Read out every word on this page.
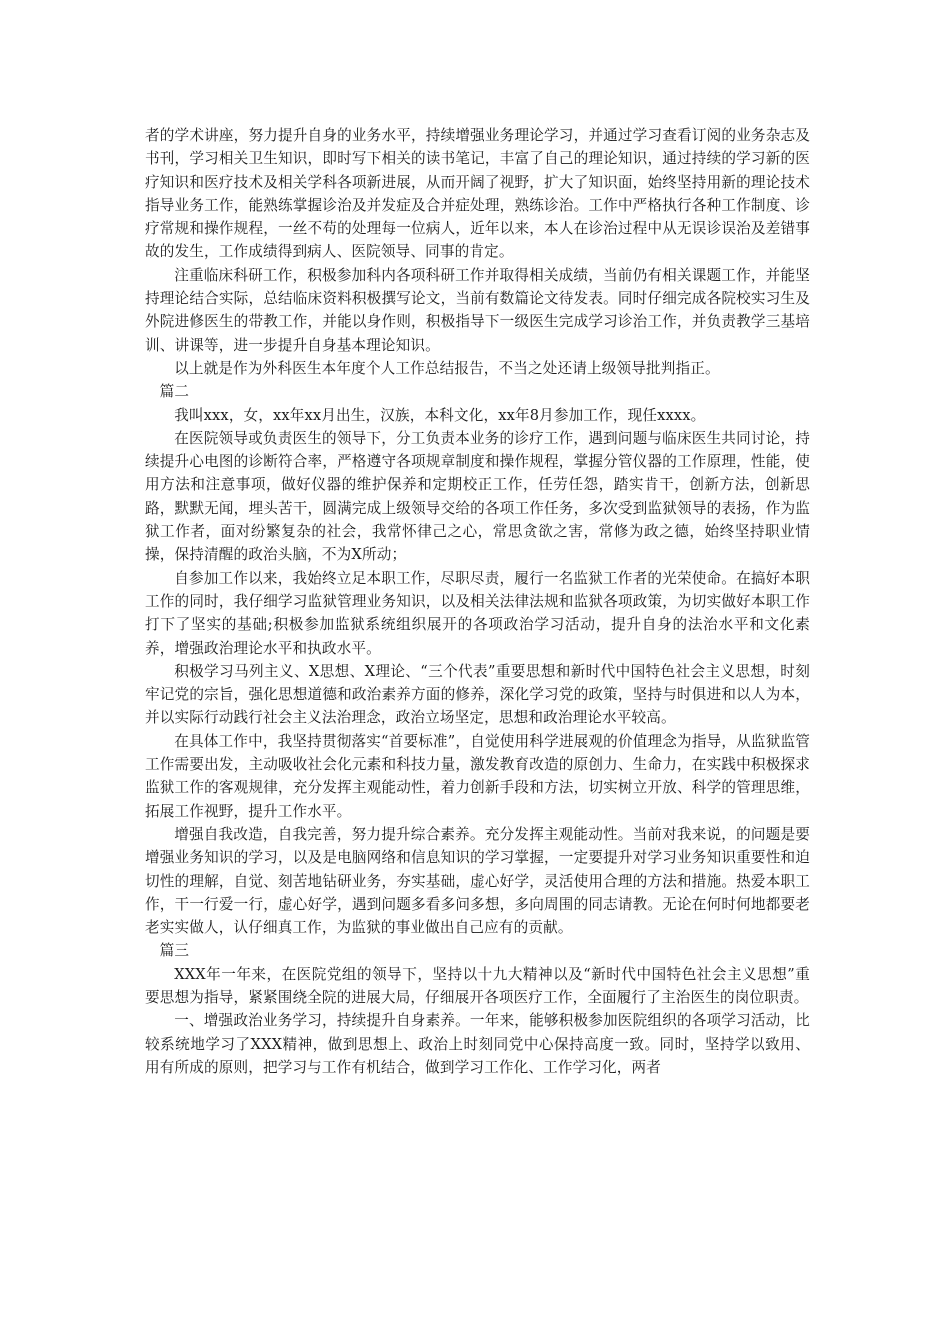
者的学术讲座，努力提升自身的业务水平，持续增强业务理论学习，并通过学习查看订阅的业务杂志及书刊，学习相关卫生知识，即时写下相关的读书笔记，丰富了自己的理论知识，通过持续的学习新的医疗知识和医疗技术及相关学科各项新进展，从而开阔了视野，扩大了知识面，始终坚持用新的理论技术指导业务工作，能熟练掌握诊治及并发症及合并症处理，熟练诊治。工作中严格执行各种工作制度、诊疗常规和操作规程，一丝不苟的处理每一位病人，近年以来，本人在诊治过程中从无误诊误治及差错事故的发生，工作成绩得到病人、医院领导、同事的肯定。

注重临床科研工作，积极参加科内各项科研工作并取得相关成绩，当前仍有相关课题工作，并能坚持理论结合实际，总结临床资料积极撰写论文，当前有数篇论文待发表。同时仔细完成各院校实习生及外院进修医生的带教工作，并能以身作则，积极指导下一级医生完成学习诊治工作，并负责教学三基培训、讲课等，进一步提升自身基本理论知识。

以上就是作为外科医生本年度个人工作总结报告，不当之处还请上级领导批判指正。

篇二

我叫xxx，女，xx年xx月出生，汉族，本科文化，xx年8月参加工作，现任xxxx。

在医院领导或负责医生的领导下，分工负责本业务的诊疗工作，遇到问题与临床医生共同讨论，持续提升心电图的诊断符合率，严格遵守各项规章制度和操作规程，掌握分管仪器的工作原理，性能，使用方法和注意事项，做好仪器的维护保养和定期校正工作，任劳任怨，踏实肯干，创新方法，创新思路，默默无闻，埋头苦干，圆满完成上级领导交给的各项工作任务，多次受到监狱领导的表扬，作为监狱工作者，面对纷繁复杂的社会，我常怀律己之心，常思贪欲之害，常修为政之德，始终坚持职业情操，保持清醒的政治头脑，不为X所动；

自参加工作以来，我始终立足本职工作，尽职尽责，履行一名监狱工作者的光荣使命。在搞好本职工作的同时，我仔细学习监狱管理业务知识，以及相关法律法规和监狱各项政策，为切实做好本职工作打下了坚实的基础;积极参加监狱系统组织展开的各项政治学习活动，提升自身的法治水平和文化素养，增强政治理论水平和执政水平。

积极学习马列主义、X思想、X理论、“三个代表”重要思想和新时代中国特色社会主义思想，时刻牢记党的宗旨，强化思想道德和政治素养方面的修养，深化学习党的政策，坚持与时俱进和以人为本，并以实际行动践行社会主义法治理念，政治立场坚定，思想和政治理论水平较高。

在具体工作中，我坚持贯彻落实“首要标准”，自觉使用科学进展观的价值理念为指导，从监狱监管工作需要出发，主动吸收社会化元素和科技力量，激发教育改造的原创力、生命力，在实践中积极探求监狱工作的客观规律，充分发挥主观能动性，着力创新手段和方法，切实树立开放、科学的管理思维，拓展工作视野，提升工作水平。

增强自我改造，自我完善，努力提升综合素养。充分发挥主观能动性。当前对我来说，的问题是要增强业务知识的学习，以及是电脑网络和信息知识的学习掌握，一定要提升对学习业务知识重要性和迫切性的理解，自觉、刻苦地钻研业务，夯实基础，虚心好学，灵活使用合理的方法和措施。热爱本职工作，干一行爱一行，虚心好学，遇到问题多看多问多想，多向周围的同志请教。无论在何时何地都要老老实实做人，认仔细真工作，为监狱的事业做出自己应有的贡献。

篇三

XXX年一年来，在医院党组的领导下，坚持以十九大精神以及“新时代中国特色社会主义思想”重要思想为指导，紧紧围绕全院的进展大局，仔细展开各项医疗工作，全面履行了主治医生的岗位职责。

一、增强政治业务学习，持续提升自身素养。一年来，能够积极参加医院组织的各项学习活动，比较系统地学习了XXX精神，做到思想上、政治上时刻同党中心保持高度一致。同时，坚持学以致用、用有所成的原则，把学习与工作有机结合，做到学习工作化、工作学习化，两者
